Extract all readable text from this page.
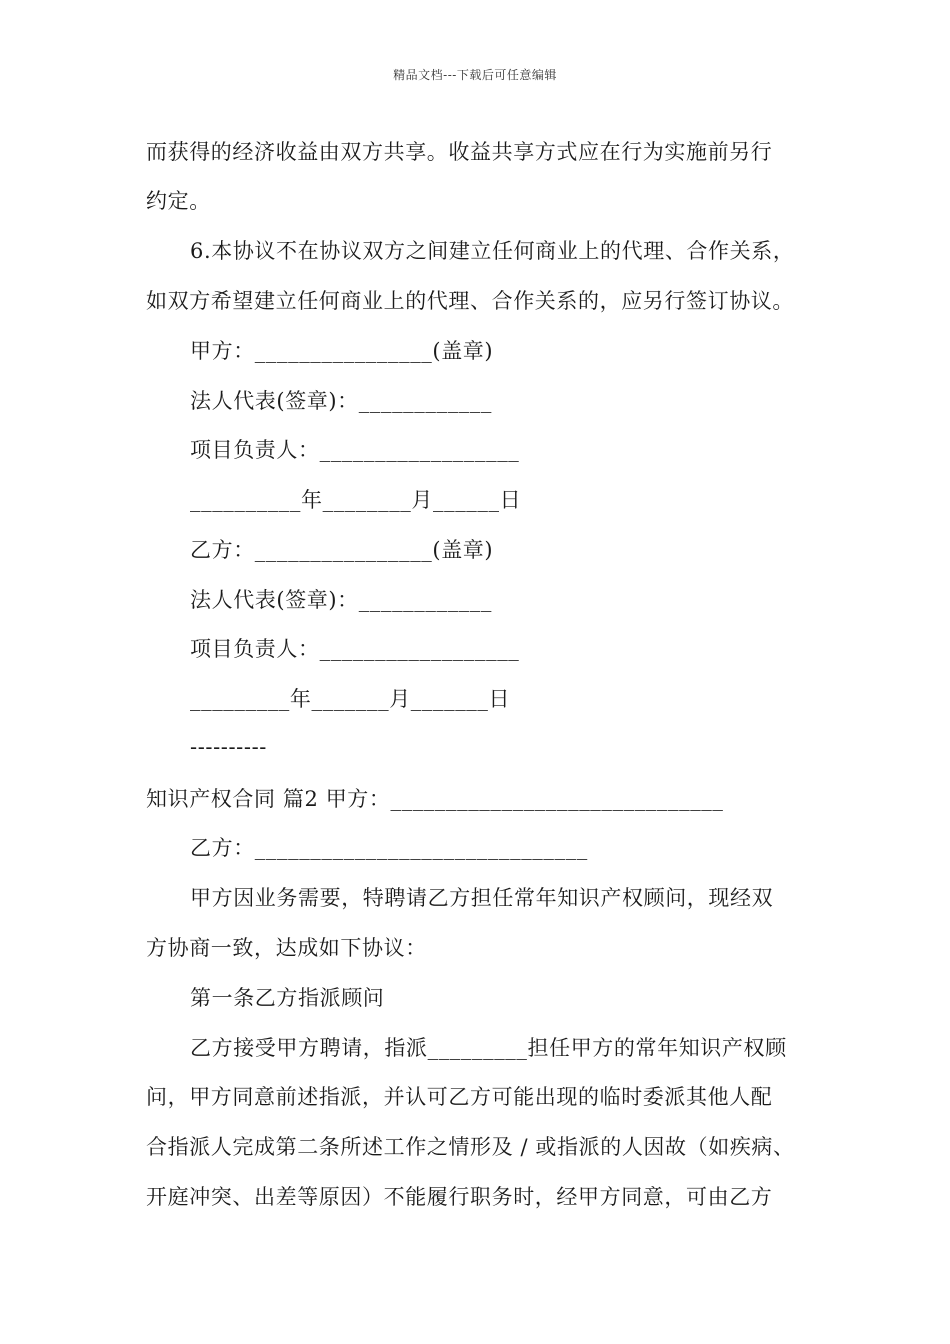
精品文档---下载后可任意编辑
而获得的经济收益由双方共享。收益共享方式应在行为实施前另行
约定。
6.本协议不在协议双方之间建立任何商业上的代理、合作关系，
如双方希望建立任何商业上的代理、合作关系的，应另行签订协议。
甲方：________________(盖章)
法人代表(签章)：____________
项目负责人：__________________
__________年________月______日
乙方：________________(盖章)
法人代表(签章)：____________
项目负责人：__________________
_________年_______月_______日
----------
知识产权合同 篇2 甲方：______________________________
乙方：______________________________
甲方因业务需要，特聘请乙方担任常年知识产权顾问，现经双
方协商一致，达成如下协议：
第一条乙方指派顾问
乙方接受甲方聘请，指派_________担任甲方的常年知识产权顾
问，甲方同意前述指派，并认可乙方可能出现的临时委派其他人配
合指派人完成第二条所述工作之情形及 / 或指派的人因故（如疾病、
开庭冲突、出差等原因）不能履行职务时，经甲方同意，可由乙方
